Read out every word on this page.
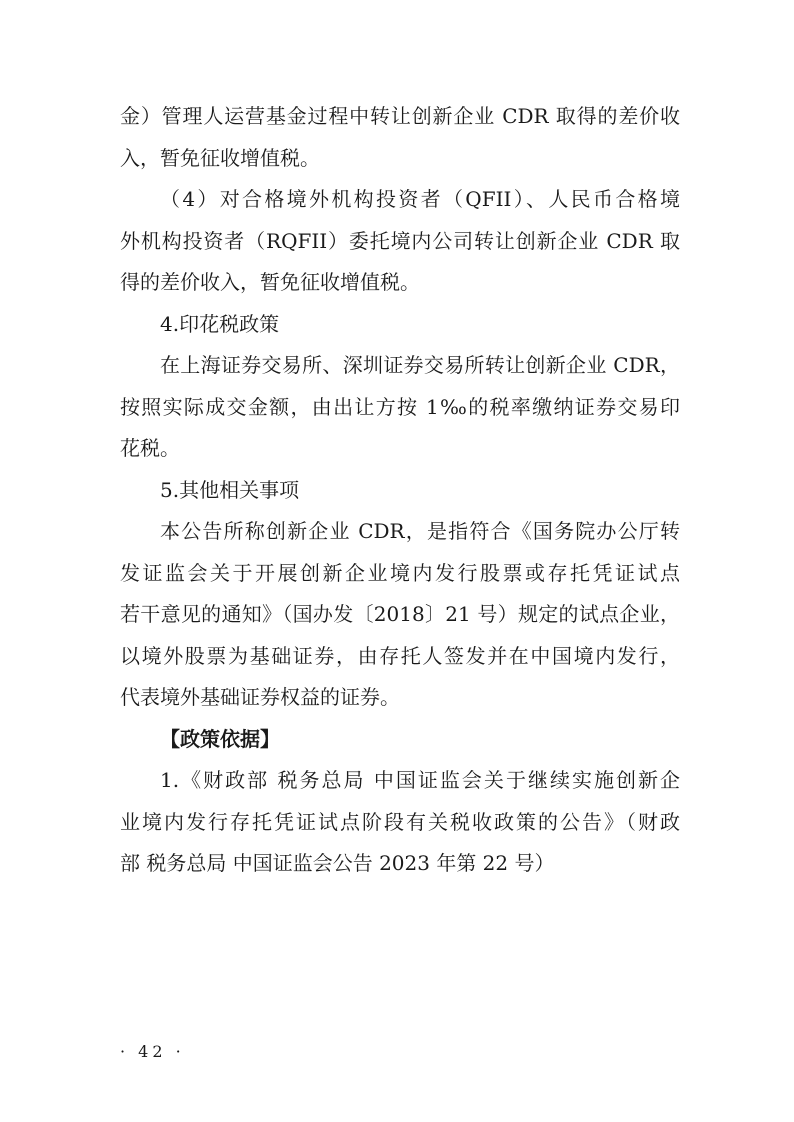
金）管理人运营基金过程中转让创新企业 CDR 取得的差价收
入，暂免征收增值税。
（4）对合格境外机构投资者（QFII）、人民币合格境
外机构投资者（RQFII）委托境内公司转让创新企业 CDR 取
得的差价收入，暂免征收增值税。
4.印花税政策
在上海证券交易所、深圳证券交易所转让创新企业 CDR，
按照实际成交金额，由出让方按 1‰的税率缴纳证券交易印
花税。
5.其他相关事项
本公告所称创新企业 CDR，是指符合《国务院办公厅转
发证监会关于开展创新企业境内发行股票或存托凭证试点
若干意见的通知》（国办发〔2018〕21 号）规定的试点企业，
以境外股票为基础证券，由存托人签发并在中国境内发行，
代表境外基础证券权益的证券。
【政策依据】
1.《财政部 税务总局 中国证监会关于继续实施创新企
业境内发行存托凭证试点阶段有关税收政策的公告》（财政
部 税务总局 中国证监会公告 2023 年第 22 号）
· 42 ·
